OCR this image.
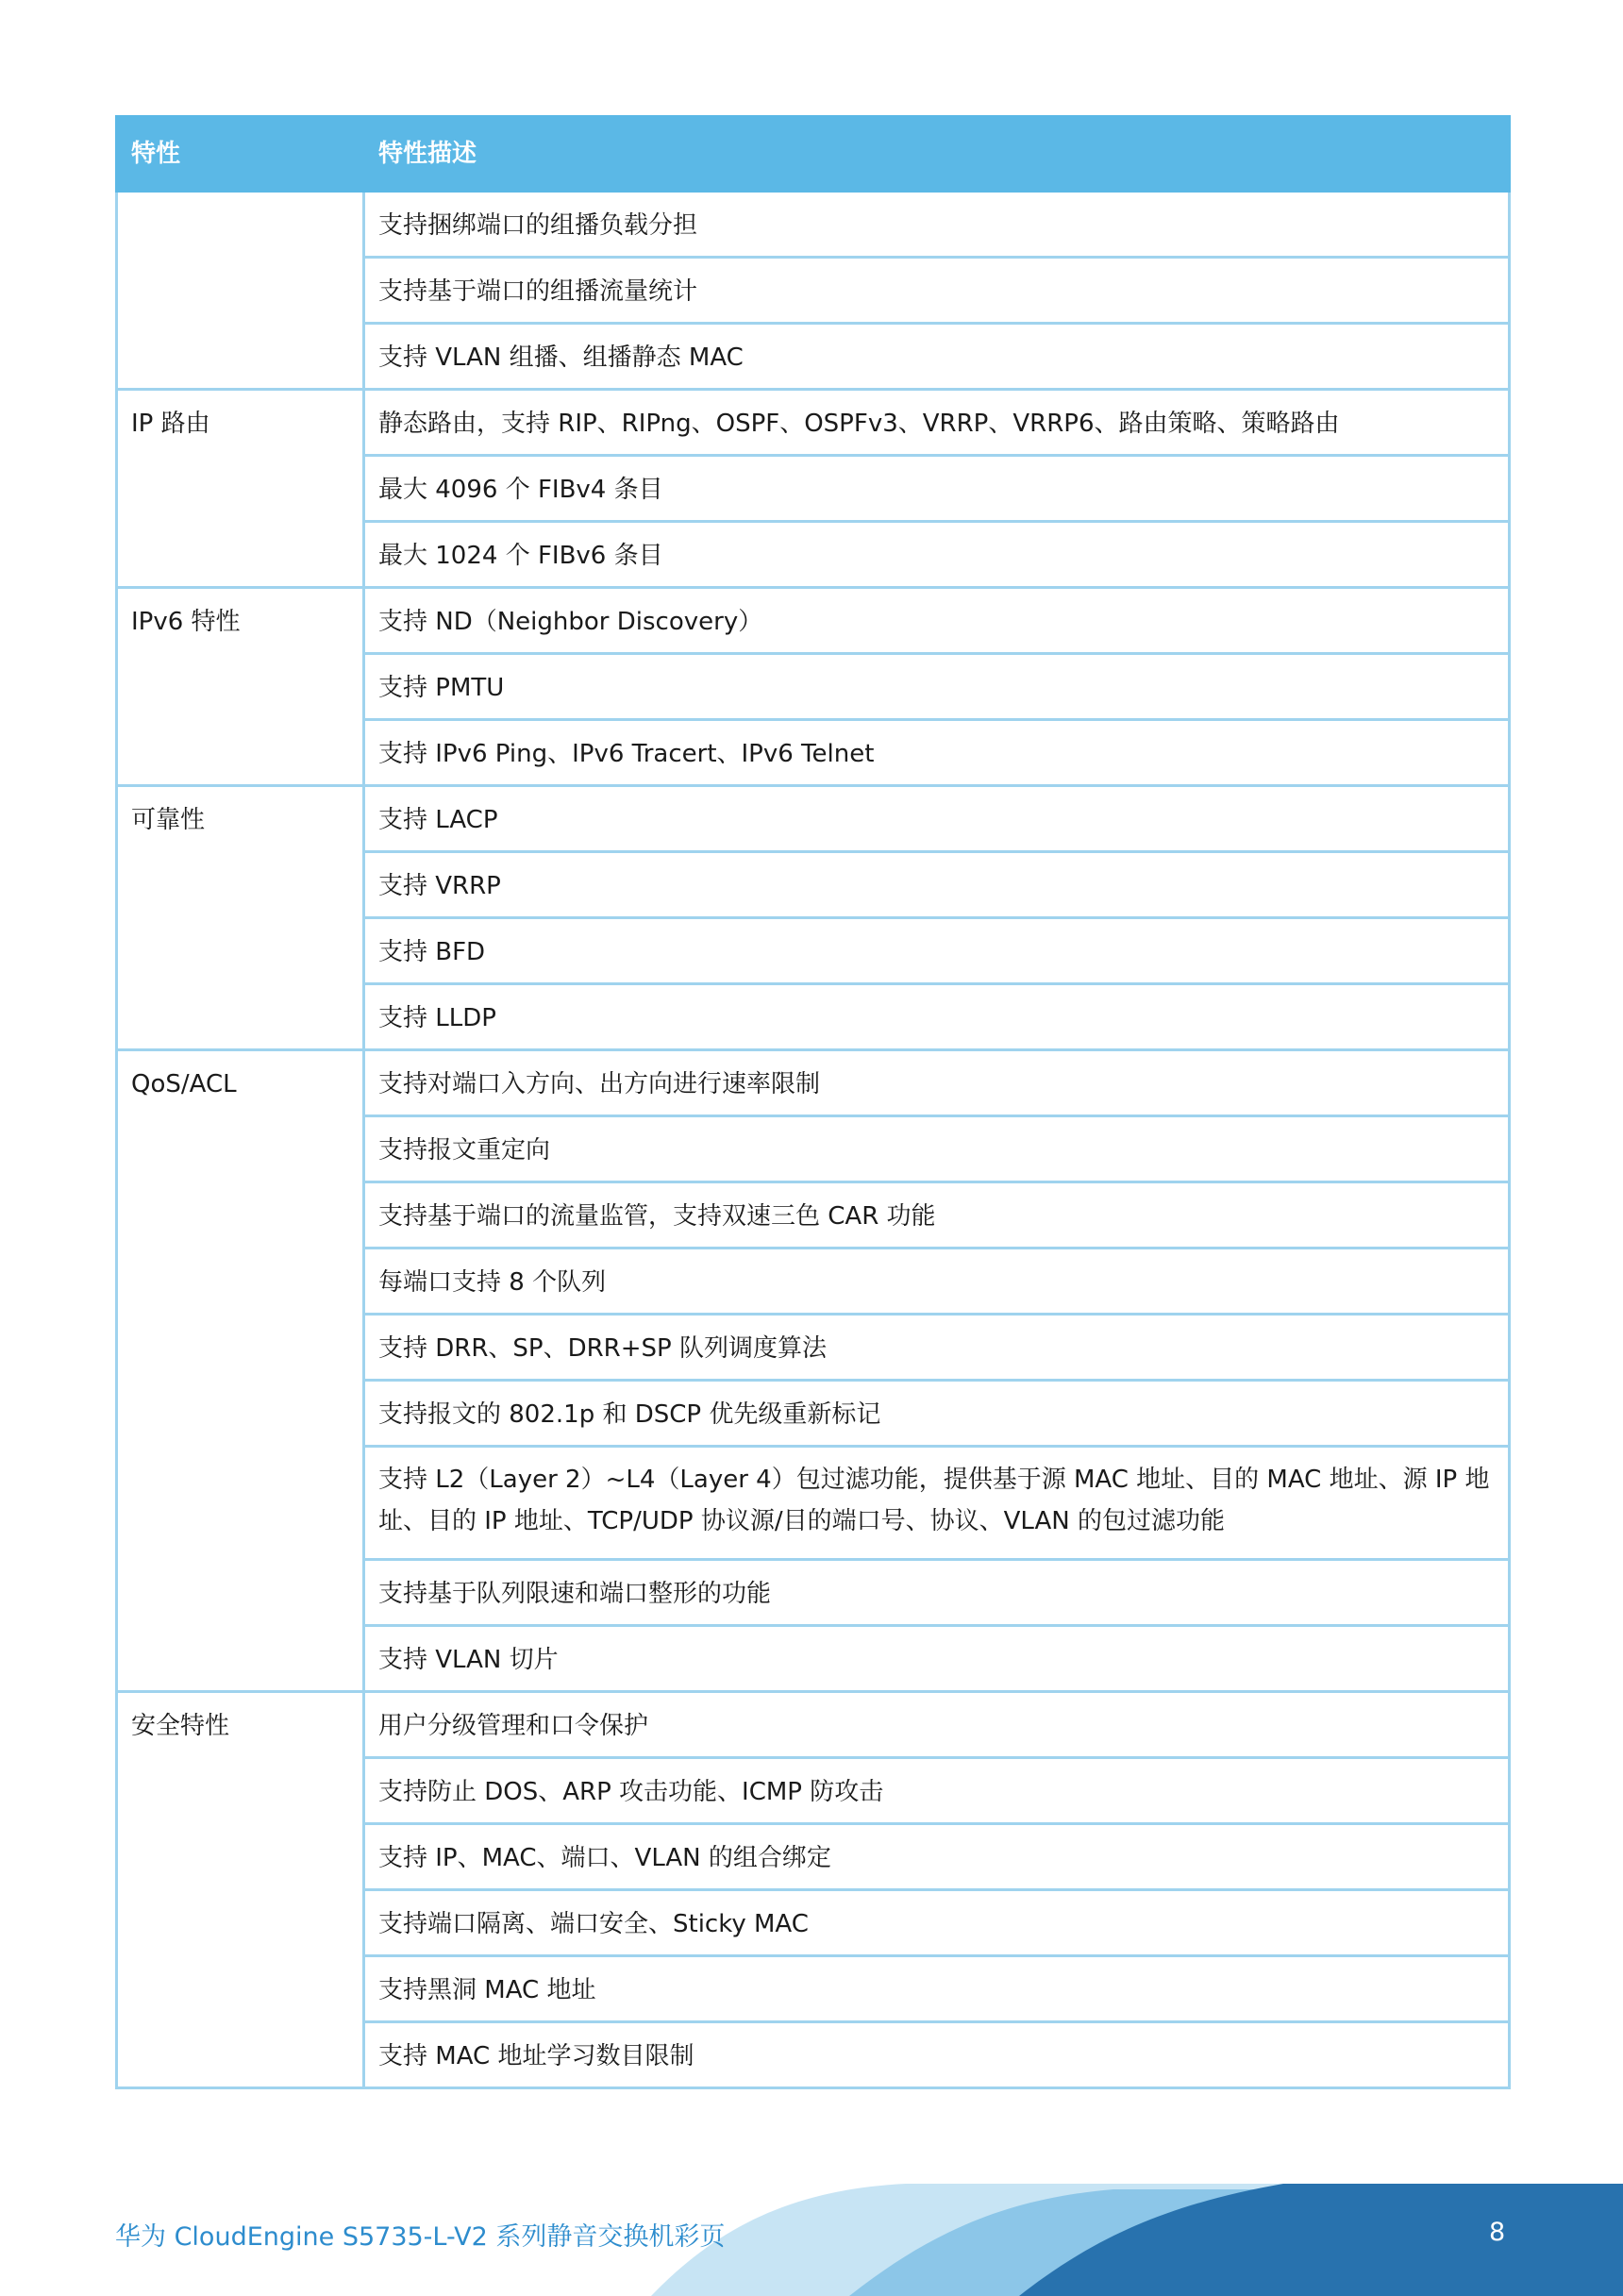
特性	特性描述
	支持捆绑端口的组播负载分担
	支持基于端口的组播流量统计
	支持 VLAN 组播、组播静态 MAC
IP 路由	静态路由，支持 RIP、RIPng、OSPF、OSPFv3、VRRP、VRRP6、路由策略、策略路由
	最大 4096 个 FIBv4 条目
	最大 1024 个 FIBv6 条目
IPv6 特性	支持 ND（Neighbor Discovery）
	支持 PMTU
	支持 IPv6 Ping、IPv6 Tracert、IPv6 Telnet
可靠性	支持 LACP
	支持 VRRP
	支持 BFD
	支持 LLDP
QoS/ACL	支持对端口入方向、出方向进行速率限制
	支持报文重定向
	支持基于端口的流量监管，支持双速三色 CAR 功能
	每端口支持 8 个队列
	支持 DRR、SP、DRR+SP 队列调度算法
	支持报文的 802.1p 和 DSCP 优先级重新标记
	支持 L2（Layer 2）~L4（Layer 4）包过滤功能，提供基于源 MAC 地址、目的 MAC 地址、源 IP 地址、目的 IP 地址、TCP/UDP 协议源/目的端口号、协议、VLAN 的包过滤功能
	支持基于队列限速和端口整形的功能
	支持 VLAN 切片
安全特性	用户分级管理和口令保护
	支持防止 DOS、ARP 攻击功能、ICMP 防攻击
	支持 IP、MAC、端口、VLAN 的组合绑定
	支持端口隔离、端口安全、Sticky MAC
	支持黑洞 MAC 地址
	支持 MAC 地址学习数目限制
华为 CloudEngine S5735-L-V2 系列静音交换机彩页	8
